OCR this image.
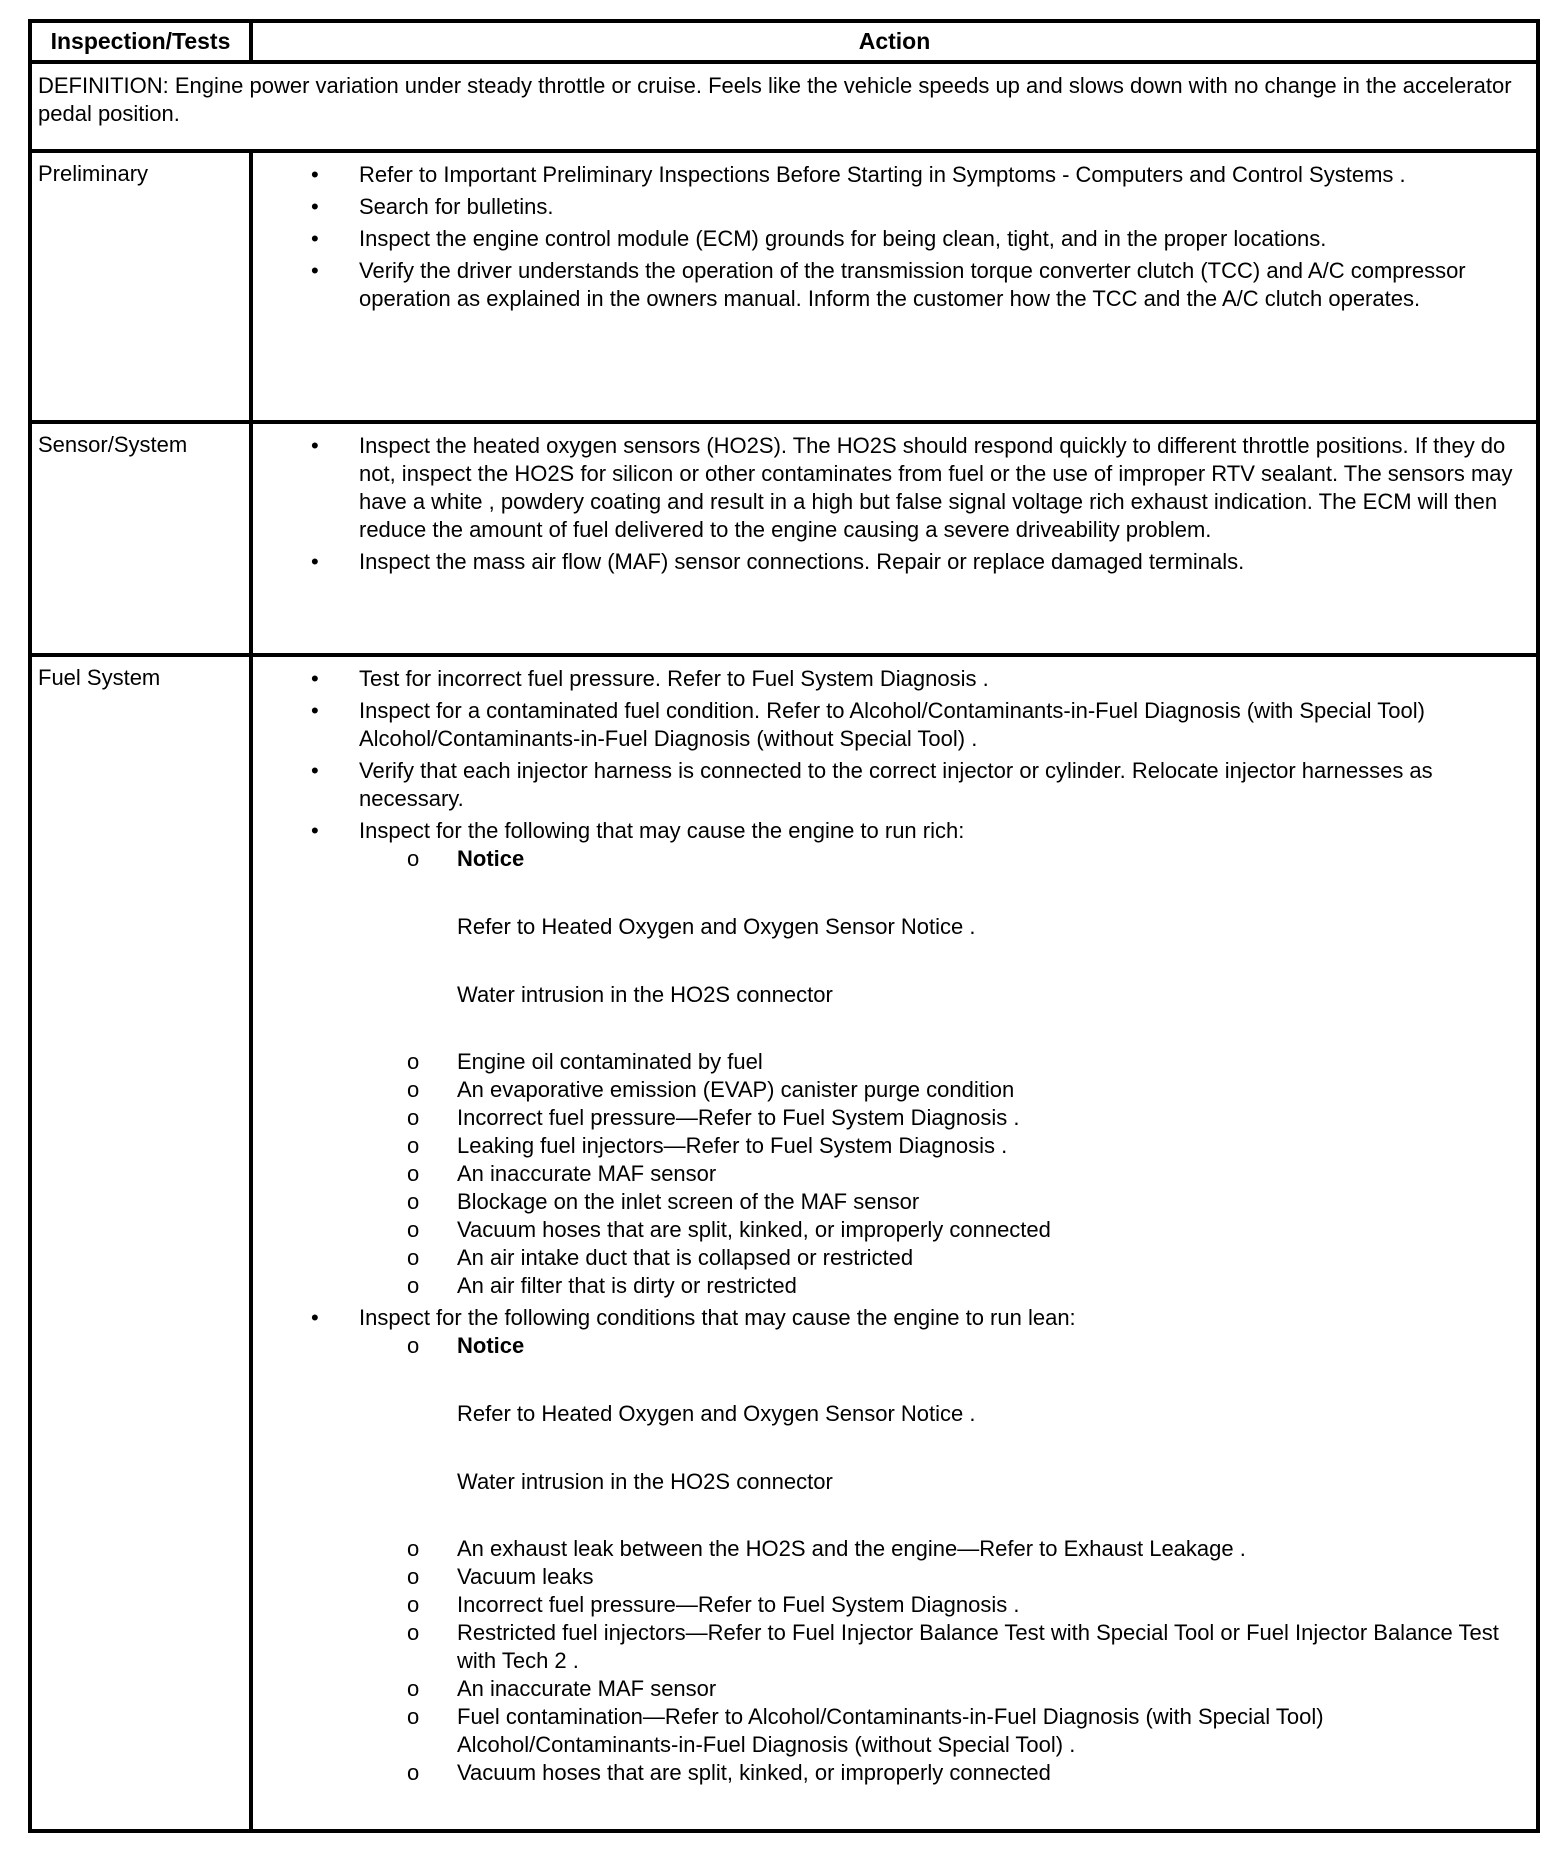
Inspection/Tests	Action
DEFINITION: Engine power variation under steady throttle or cruise. Feels like the vehicle speeds up and slows down with no change in the accelerator pedal position.
Preliminary	• Refer to Important Preliminary Inspections Before Starting in Symptoms - Computers and Control Systems .
• Search for bulletins.
• Inspect the engine control module (ECM) grounds for being clean, tight, and in the proper locations.
• Verify the driver understands the operation of the transmission torque converter clutch (TCC) and A/C compressor operation as explained in the owners manual. Inform the customer how the TCC and the A/C clutch operates.
Sensor/System	• Inspect the heated oxygen sensors (HO2S). The HO2S should respond quickly to different throttle positions. If they do not, inspect the HO2S for silicon or other contaminates from fuel or the use of improper RTV sealant. The sensors may have a white , powdery coating and result in a high but false signal voltage rich exhaust indication. The ECM will then reduce the amount of fuel delivered to the engine causing a severe driveability problem.
• Inspect the mass air flow (MAF) sensor connections. Repair or replace damaged terminals.
Fuel System	• Test for incorrect fuel pressure. Refer to Fuel System Diagnosis .
• Inspect for a contaminated fuel condition. Refer to Alcohol/Contaminants-in-Fuel Diagnosis (with Special Tool) Alcohol/Contaminants-in-Fuel Diagnosis (without Special Tool) .
• Verify that each injector harness is connected to the correct injector or cylinder. Relocate injector harnesses as necessary.
• Inspect for the following that may cause the engine to run rich:
o Notice

Refer to Heated Oxygen and Oxygen Sensor Notice .

Water intrusion in the HO2S connector

o Engine oil contaminated by fuel
o An evaporative emission (EVAP) canister purge condition
o Incorrect fuel pressure—Refer to Fuel System Diagnosis .
o Leaking fuel injectors—Refer to Fuel System Diagnosis .
o An inaccurate MAF sensor
o Blockage on the inlet screen of the MAF sensor
o Vacuum hoses that are split, kinked, or improperly connected
o An air intake duct that is collapsed or restricted
o An air filter that is dirty or restricted
• Inspect for the following conditions that may cause the engine to run lean:
o Notice

Refer to Heated Oxygen and Oxygen Sensor Notice .

Water intrusion in the HO2S connector

o An exhaust leak between the HO2S and the engine—Refer to Exhaust Leakage .
o Vacuum leaks
o Incorrect fuel pressure—Refer to Fuel System Diagnosis .
o Restricted fuel injectors—Refer to Fuel Injector Balance Test with Special Tool or Fuel Injector Balance Test with Tech 2 .
o An inaccurate MAF sensor
o Fuel contamination—Refer to Alcohol/Contaminants-in-Fuel Diagnosis (with Special Tool) Alcohol/Contaminants-in-Fuel Diagnosis (without Special Tool) .
o Vacuum hoses that are split, kinked, or improperly connected
